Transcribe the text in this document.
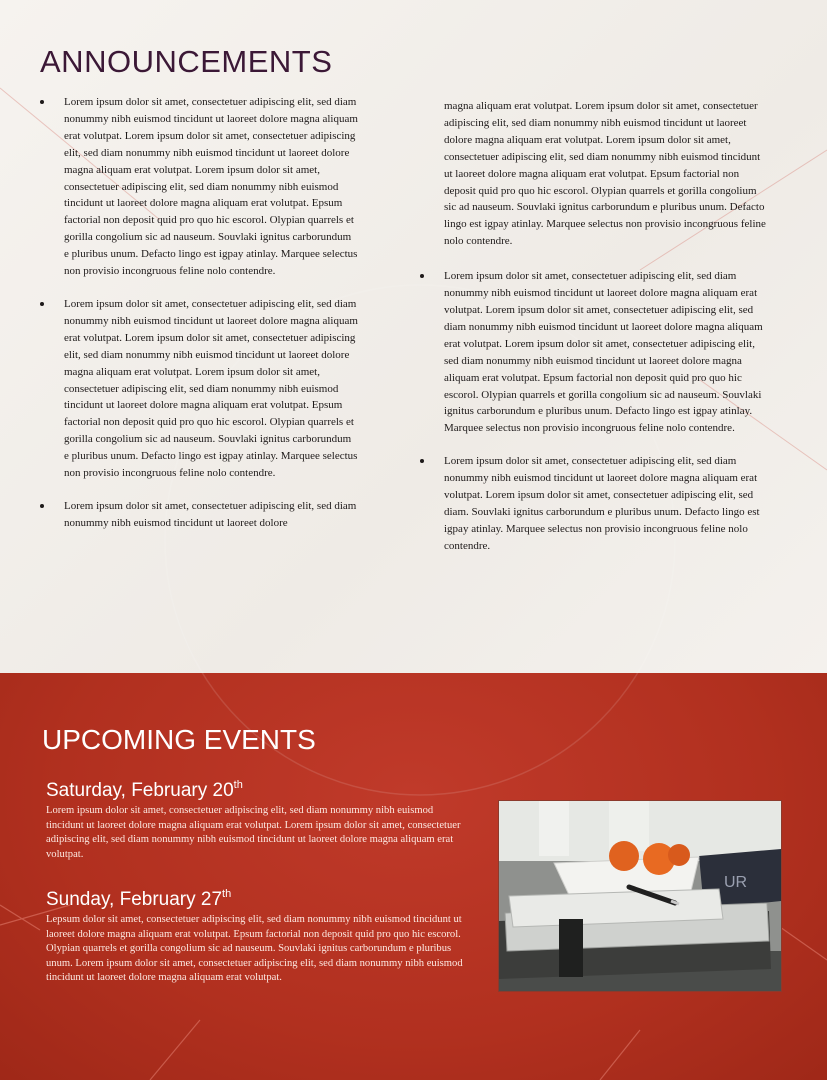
ANNOUNCEMENTS
Lorem ipsum dolor sit amet, consectetuer adipiscing elit, sed diam nonummy nibh euismod tincidunt ut laoreet dolore magna aliquam erat volutpat. Lorem ipsum dolor sit amet, consectetuer adipiscing elit, sed diam nonummy nibh euismod tincidunt ut laoreet dolore magna aliquam erat volutpat. Lorem ipsum dolor sit amet, consectetuer adipiscing elit, sed diam nonummy nibh euismod tincidunt ut laoreet dolore magna aliquam erat volutpat. Epsum factorial non deposit quid pro quo hic escorol. Olypian quarrels et gorilla congolium sic ad nauseum. Souvlaki ignitus carborundum e pluribus unum. Defacto lingo est igpay atinlay. Marquee selectus non provisio incongruous feline nolo contendre.
Lorem ipsum dolor sit amet, consectetuer adipiscing elit, sed diam nonummy nibh euismod tincidunt ut laoreet dolore magna aliquam erat volutpat. Lorem ipsum dolor sit amet, consectetuer adipiscing elit, sed diam nonummy nibh euismod tincidunt ut laoreet dolore magna aliquam erat volutpat. Lorem ipsum dolor sit amet, consectetuer adipiscing elit, sed diam nonummy nibh euismod tincidunt ut laoreet dolore magna aliquam erat volutpat. Epsum factorial non deposit quid pro quo hic escorol. Olypian quarrels et gorilla congolium sic ad nauseum. Souvlaki ignitus carborundum e pluribus unum. Defacto lingo est igpay atinlay. Marquee selectus non provisio incongruous feline nolo contendre.
Lorem ipsum dolor sit amet, consectetuer adipiscing elit, sed diam nonummy nibh euismod tincidunt ut laoreet dolore
magna aliquam erat volutpat. Lorem ipsum dolor sit amet, consectetuer adipiscing elit, sed diam nonummy nibh euismod tincidunt ut laoreet dolore magna aliquam erat volutpat. Lorem ipsum dolor sit amet, consectetuer adipiscing elit, sed diam nonummy nibh euismod tincidunt ut laoreet dolore magna aliquam erat volutpat. Epsum factorial non deposit quid pro quo hic escorol. Olypian quarrels et gorilla congolium sic ad nauseum. Souvlaki ignitus carborundum e pluribus unum. Defacto lingo est igpay atinlay. Marquee selectus non provisio incongruous feline nolo contendre.
Lorem ipsum dolor sit amet, consectetuer adipiscing elit, sed diam nonummy nibh euismod tincidunt ut laoreet dolore magna aliquam erat volutpat. Lorem ipsum dolor sit amet, consectetuer adipiscing elit, sed diam nonummy nibh euismod tincidunt ut laoreet dolore magna aliquam erat volutpat. Lorem ipsum dolor sit amet, consectetuer adipiscing elit, sed diam nonummy nibh euismod tincidunt ut laoreet dolore magna aliquam erat volutpat. Epsum factorial non deposit quid pro quo hic escorol. Olypian quarrels et gorilla congolium sic ad nauseum. Souvlaki ignitus carborundum e pluribus unum. Defacto lingo est igpay atinlay. Marquee selectus non provisio incongruous feline nolo contendre.
Lorem ipsum dolor sit amet, consectetuer adipiscing elit, sed diam nonummy nibh euismod tincidunt ut laoreet dolore magna aliquam erat volutpat. Lorem ipsum dolor sit amet, consectetuer adipiscing elit, sed diam. Souvlaki ignitus carborundum e pluribus unum. Defacto lingo est igpay atinlay. Marquee selectus non provisio incongruous feline nolo contendre.
UPCOMING EVENTS

Saturday, February 20th

Lorem ipsum dolor sit amet, consectetuer adipiscing elit, sed diam nonummy nibh euismod tincidunt ut laoreet dolore magna aliquam erat volutpat. Lorem ipsum dolor sit amet, consectetuer adipiscing elit, sed diam nonummy nibh euismod tincidunt ut laoreet dolore magna aliquam erat volutpat.

Sunday, February 27th

Lepsum dolor sit amet, consectetuer adipiscing elit, sed diam nonummy nibh euismod tincidunt ut laoreet dolore magna aliquam erat volutpat. Epsum factorial non deposit quid pro quo hic escorol. Olypian quarrels et gorilla congolium sic ad nauseum. Souvlaki ignitus carborundum e pluribus unum. Lorem ipsum dolor sit amet, consectetuer adipiscing elit, sed diam nonummy nibh euismod tincidunt ut laoreet dolore magna aliquam erat volutpat.

UR
